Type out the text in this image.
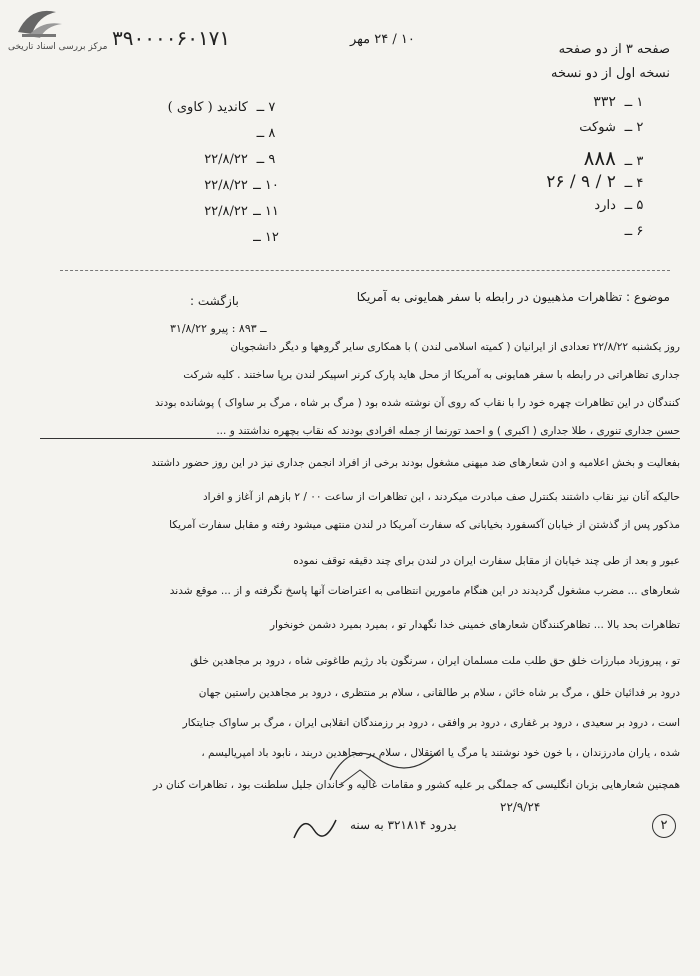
مرکز بررسی اسناد تاریخی ۳۹۰۰۰۰۶۰۱۷۱	۱۰ / ۲۴ مهر
صفحه ۳ از دو صفحه
نسخه اول از دو نسخه
۱ ــ ۳۳۲
۲ ــ شوکت
۳ ــ ۸۸۸
۴ ــ ۲ / ۹ / ۲۶
۵ ــ دارد
۶ ــ
۷ ــ کاندید ( کاوی )
۸ ــ
۹ ــ ۲۲/۸/۲۲
۱۰ ــ ۲۲/۸/۲۲
۱۱ ــ ۲۲/۸/۲۲
۱۲ ــ
موضوع : تظاهرات مذهبیون در رابطه با سفر همایونی به آمریکا
بازگشت :
۳۱/۸/۲۲ ــ ۸۹۳ : پیرو
روز یکشنبه ۲۲/۸/۲۲ تعدادی از ایرانیان ( کمیته اسلامی لندن ) با همکاری سایر گروهها و دیگر دانشجویان
جداری تظاهراتی در رابطه با سفر همایونی به آمریکا از محل هاید پارک کرنر اسپیکر لندن برپا ساختند . کلیه شرکت
کنندگان در این تظاهرات چهره خود را با نقاب که روی آن نوشته شده بود ( مرگ بر شاه ، مرگ بر ساواک ) پوشانده بودند
حسن جداری تنوری ، طلا جداری ( اکبری ) و احمد تورنما از جمله افرادی بودند که نقاب بچهره نداشتند و ...
بفعالیت و بخش اعلامیه و ادن شعارهای ضد میهنی مشغول بودند برخی از افراد انجمن جداری نیز در این روز حضور داشتند
حالیکه آنان نیز نقاب داشتند بکنترل صف مبادرت میکردند ، این تظاهرات از ساعت ۰۰ / ۲ بازهم از آغاز و افراد
مذکور پس از گذشتن از خیابان آکسفورد بخیابانی که سفارت آمریکا در لندن منتهی میشود رفته و مقابل سفارت آمریکا
عبور و بعد از طی چند خیابان از مقابل سفارت ایران در لندن برای چند دقیقه توقف نموده
شعارهای ... مضرب مشغول گردیدند در این هنگام مامورین انتظامی به اعتراضات آنها پاسخ نگرفته و از ... موقع شدند
تظاهرات بحد بالا ... تظاهرکنندگان شعارهای خمینی خدا نگهدار تو ، بمیرد بمیرد دشمن خونخوار
تو ، پیروزباد مبارزات خلق حق طلب ملت مسلمان ایران ، سرنگون باد رژیم طاغوتی شاه ، درود بر مجاهدین خلق
درود بر فدائیان خلق ، مرگ بر شاه خائن ، سلام بر طالقانی ، سلام بر منتظری ، درود بر مجاهدین راستین جهان
است ، درود بر سعیدی ، درود بر غفاری ، درود بر وافقی ، درود بر رزمندگان انقلابی ایران ، مرگ بر ساواک جنایتکار
شده ، یاران مادرزندان ، با خون خود نوشتند یا مرگ یا استقلال ، سلام بر مجاهدین دربند ، نابود باد امپریالیسم ،
همچنین شعارهایی بزبان انگلیسی که جملگی بر علیه کشور و مقامات عالیه و خاندان جلیل سلطنت بود ، تظاهرات کنان در
۲۲/۹/۲۴
بدرود ۳۲۱۸۱۴ به سنه	۲
